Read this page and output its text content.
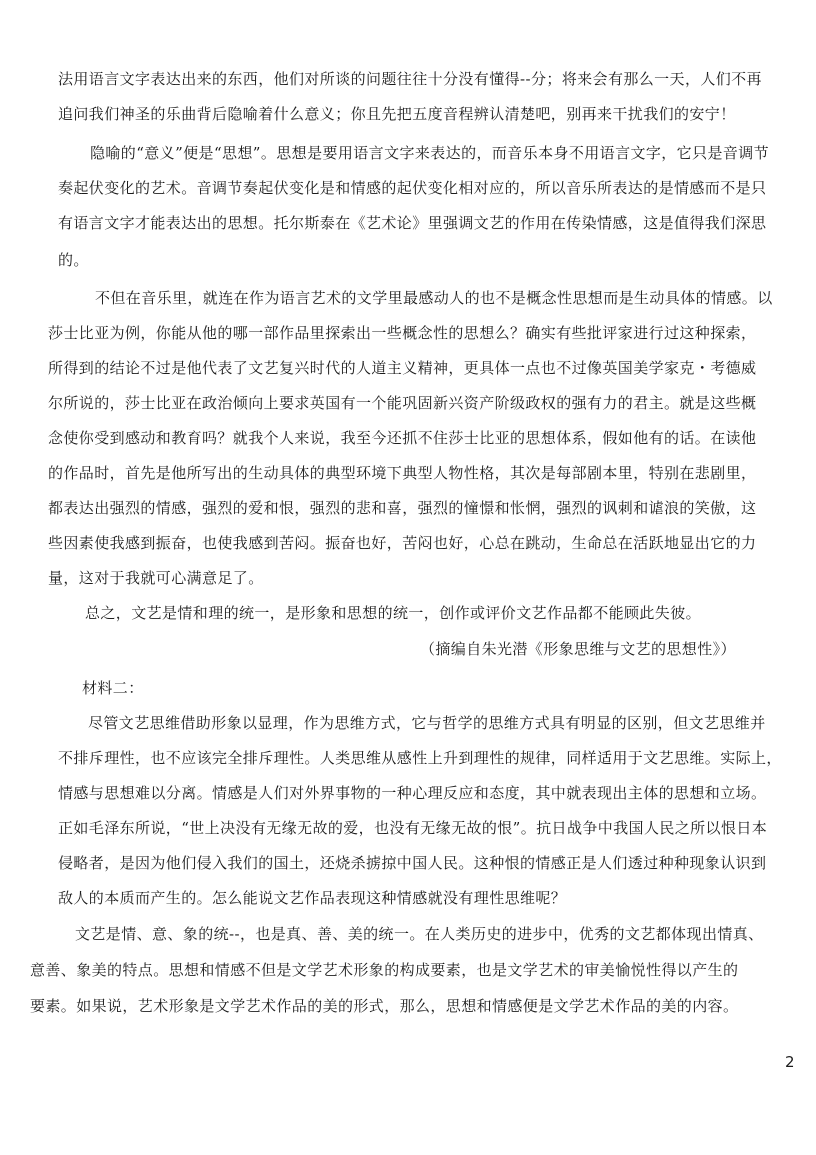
法用语言文字表达出来的东西，他们对所谈的问题往往十分没有懂得--分；将来会有那么一天，人们不再
追问我们神圣的乐曲背后隐喻着什么意义；你且先把五度音程辨认清楚吧，别再来干扰我们的安宁！
隐喻的“意义”便是“思想”。思想是要用语言文字来表达的，而音乐本身不用语言文字，它只是音调节
奏起伏变化的艺术。音调节奏起伏变化是和情感的起伏变化相对应的，所以音乐所表达的是情感而不是只
有语言文字才能表达出的思想。托尔斯泰在《艺术论》里强调文艺的作用在传染情感，这是值得我们深思
的。
不但在音乐里，就连在作为语言艺术的文学里最感动人的也不是概念性思想而是生动具体的情感。以
莎士比亚为例，你能从他的哪一部作品里探索出一些概念性的思想么？确实有些批评家进行过这种探索，
所得到的结论不过是他代表了文艺复兴时代的人道主义精神，更具体一点也不过像英国美学家克・考德威
尔所说的，莎士比亚在政治倾向上要求英国有一个能巩固新兴资产阶级政权的强有力的君主。就是这些概
念使你受到感动和教育吗？就我个人来说，我至今还抓不住莎士比亚的思想体系，假如他有的话。在读他
的作品时，首先是他所写出的生动具体的典型环境下典型人物性格，其次是每部剧本里，特别在悲剧里，
都表达出强烈的情感，强烈的爱和恨，强烈的悲和喜，强烈的憧憬和怅惘，强烈的讽刺和谑浪的笑傲，这
些因素使我感到振奋，也使我感到苦闷。振奋也好，苦闷也好，心总在跳动，生命总在活跃地显出它的力
量，这对于我就可心满意足了。
总之，文艺是情和理的统一，是形象和思想的统一，创作或评价文艺作品都不能顾此失彼。
（摘编自朱光潜《形象思维与文艺的思想性》）
材料二：
尽管文艺思维借助形象以显理，作为思维方式，它与哲学的思维方式具有明显的区别，但文艺思维并
不排斥理性，也不应该完全排斥理性。人类思维从感性上升到理性的规律，同样适用于文艺思维。实际上，
情感与思想难以分离。情感是人们对外界事物的一种心理反应和态度，其中就表现出主体的思想和立场。
正如毛泽东所说，“世上决没有无缘无故的爱，也没有无缘无故的恨”。抗日战争中我国人民之所以恨日本
侵略者，是因为他们侵入我们的国土，还烧杀掳掠中国人民。这种恨的情感正是人们透过种种现象认识到
敌人的本质而产生的。怎么能说文艺作品表现这种情感就没有理性思维呢？
文艺是情、意、象的统--，也是真、善、美的统一。在人类历史的进步中，优秀的文艺都体现出情真、
意善、象美的特点。思想和情感不但是文学艺术形象的构成要素，也是文学艺术的审美愉悦性得以产生的
要素。如果说，艺术形象是文学艺术作品的美的形式，那么，思想和情感便是文学艺术作品的美的内容。
2
